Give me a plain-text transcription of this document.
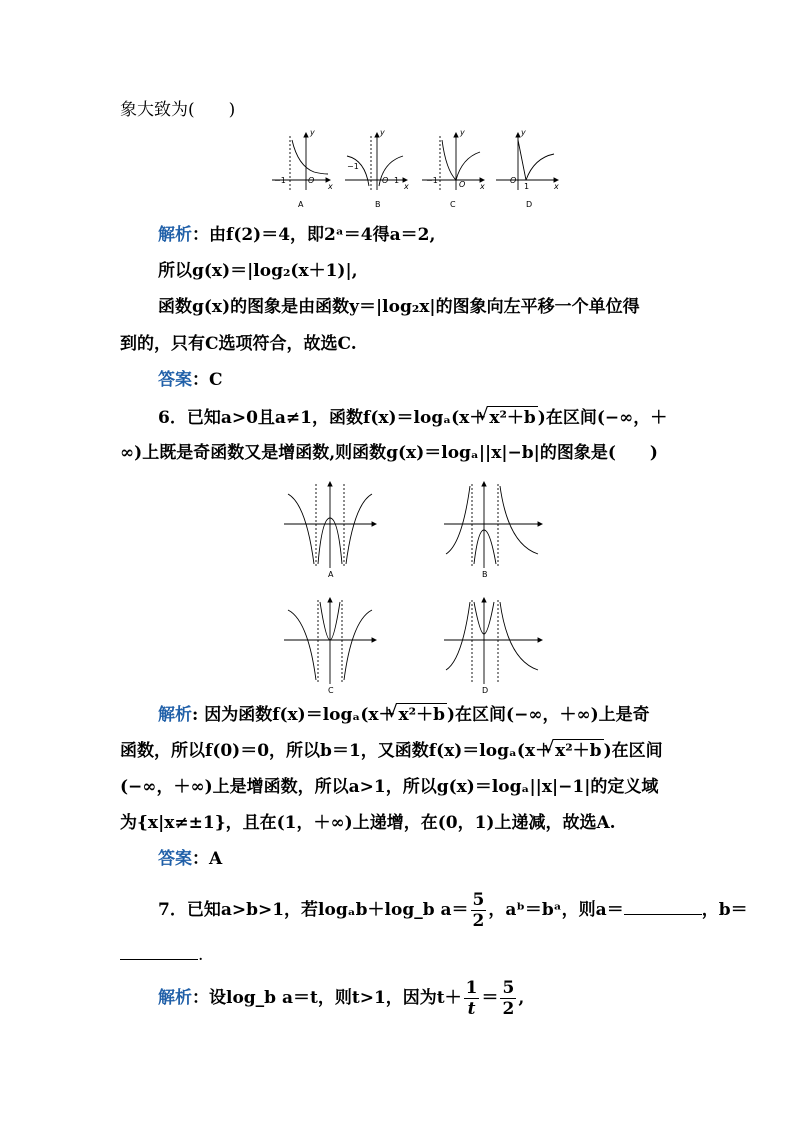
象大致为(　　)
A	B	C	D
−1	O
y
x
−1
O 1
y
x
−1	O
y
x
O
1
y
x
解析：由f(2)＝4，即2ᵃ＝4得a＝2,
所以g(x)＝|log₂(x＋1)|,
函数g(x)的图象是由函数y＝|log₂x|的图象向左平移一个单位得
到的，只有C选项符合，故选C.
答案：C
6．已知a>0且a≠1，函数f(x)＝logₐ(x＋ √ x²＋b )在区间(−∞，＋
∞)上既是奇函数又是增函数,则函数g(x)＝logₐ||x|−b|的图象是(　　)
A	B
C	D
解析: 因为函数f(x)＝logₐ(x＋ √ x²＋b )在区间(−∞，＋∞)上是奇
函数，所以f(0)＝0，所以b＝1，又函数f(x)＝logₐ(x＋ √ x²＋b )在区间
(−∞，＋∞)上是增函数，所以a>1，所以g(x)＝logₐ||x|−1|的定义域
为{x|x≠±1}，且在(1，＋∞)上递增，在(0，1)上递减，故选A.
答案：A
7．已知a>b>1，若logₐb＋log_b $a= \frac{5}{2}$ ，aᵇ＝bᵃ，则a＝	，b＝
.
解析：设log_b a＝t，则t>1，因为$t+ \frac{1}{t} = \frac{5}{2}$ ,
